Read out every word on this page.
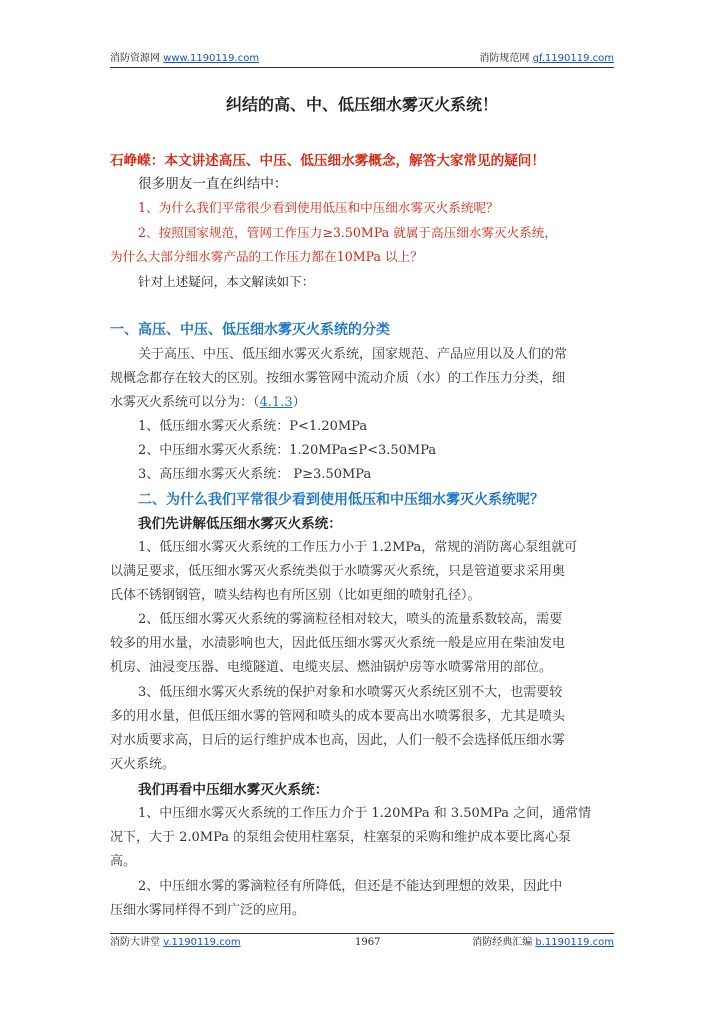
消防资源网 www.1190119.com	消防规范网 gf.1190119.com
纠结的高、中、低压细水雾灭火系统！
石峥嵘：本文讲述高压、中压、低压细水雾概念，解答大家常见的疑问！
很多朋友一直在纠结中：
1、为什么我们平常很少看到使用低压和中压细水雾灭火系统呢？
2、按照国家规范，管网工作压力≥3.50MPa 就属于高压细水雾灭火系统，
为什么大部分细水雾产品的工作压力都在10MPa 以上？
针对上述疑问，本文解读如下：
一、高压、中压、低压细水雾灭火系统的分类
关于高压、中压、低压细水雾灭火系统，国家规范、产品应用以及人们的常
规概念都存在较大的区别。按细水雾管网中流动介质（水）的工作压力分类，细
水雾灭火系统可以分为：（4.1.3）
1、低压细水雾灭火系统：P<1.20MPa
2、中压细水雾灭火系统：1.20MPa≤P<3.50MPa
3、高压细水雾灭火系统： P≥3.50MPa
二、为什么我们平常很少看到使用低压和中压细水雾灭火系统呢？
我们先讲解低压细水雾灭火系统：
1、低压细水雾灭火系统的工作压力小于 1.2MPa，常规的消防离心泵组就可
以满足要求，低压细水雾灭火系统类似于水喷雾灭火系统，只是管道要求采用奥
氏体不锈钢钢管，喷头结构也有所区别（比如更细的喷射孔径）。
2、低压细水雾灭火系统的雾滴粒径相对较大，喷头的流量系数较高，需要
较多的用水量，水渍影响也大，因此低压细水雾灭火系统一般是应用在柴油发电
机房、油浸变压器、电缆隧道、电缆夹层、燃油锅炉房等水喷雾常用的部位。
3、低压细水雾灭火系统的保护对象和水喷雾灭火系统区别不大，也需要较
多的用水量，但低压细水雾的管网和喷头的成本要高出水喷雾很多，尤其是喷头
对水质要求高，日后的运行维护成本也高，因此，人们一般不会选择低压细水雾
灭火系统。
我们再看中压细水雾灭火系统：
1、中压细水雾灭火系统的工作压力介于 1.20MPa 和 3.50MPa 之间，通常情
况下，大于 2.0MPa 的泵组会使用柱塞泵，柱塞泵的采购和维护成本要比离心泵
高。
2、中压细水雾的雾滴粒径有所降低，但还是不能达到理想的效果，因此中
压细水雾同样得不到广泛的应用。
消防大讲堂 v.1190119.com	1967	消防经典汇编 b.1190119.com
